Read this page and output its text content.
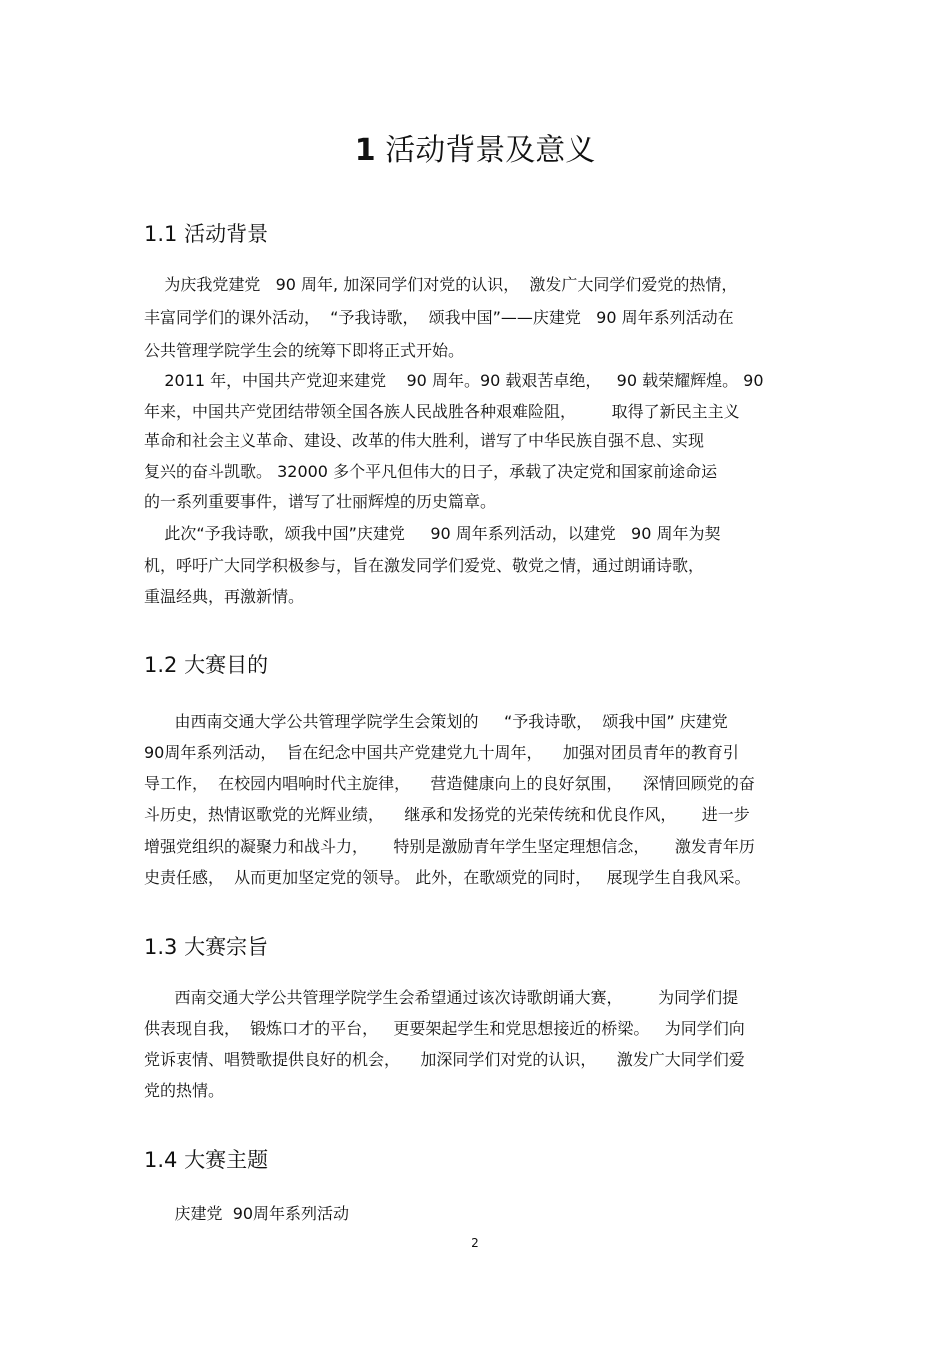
1 活动背景及意义
1.1 活动背景

为庆我党建党   90 周年, 加深同学们对党的认识，  激发广大同学们爱党的热情，

丰富同学们的课外活动，  “予我诗歌，  颂我中国”——庆建党   90 周年系列活动在

公共管理学院学生会的统筹下即将正式开始。

2011 年，中国共产党迎来建党    90 周年。90 载艰苦卓绝，   90 载荣耀辉煌。 90

年来，中国共产党团结带领全国各族人民战胜各种艰难险阻，       取得了新民主主义

革命和社会主义革命、建设、改革的伟大胜利，谱写了中华民族自强不息、实现

复兴的奋斗凯歌。 32000 多个平凡但伟大的日子，承载了决定党和国家前途命运

的一系列重要事件，谱写了壮丽辉煌的历史篇章。

此次“予我诗歌，颂我中国”庆建党     90 周年系列活动，以建党   90 周年为契

机，呼吁广大同学积极参与，旨在激发同学们爱党、敬党之情，通过朗诵诗歌，

重温经典，再激新情。

1.2 大赛目的

由西南交通大学公共管理学院学生会策划的     “予我诗歌，  颂我中国” 庆建党

90周年系列活动，  旨在纪念中国共产党建党九十周年，    加强对团员青年的教育引

导工作，  在校园内唱响时代主旋律，    营造健康向上的良好氛围，    深情回顾党的奋

斗历史，热情讴歌党的光辉业绩，    继承和发扬党的光荣传统和优良作风，     进一步

增强党组织的凝聚力和战斗力，     特别是激励青年学生坚定理想信念，     激发青年历

史责任感，  从而更加坚定党的领导。 此外，在歌颂党的同时，   展现学生自我风采。

1.3 大赛宗旨

西南交通大学公共管理学院学生会希望通过该次诗歌朗诵大赛，       为同学们提

供表现自我，  锻炼口才的平台，   更要架起学生和党思想接近的桥梁。   为同学们向

党诉衷情、唱赞歌提供良好的机会，    加深同学们对党的认识，    激发广大同学们爱

党的热情。

1.4 大赛主题

庆建党  90周年系列活动

2
